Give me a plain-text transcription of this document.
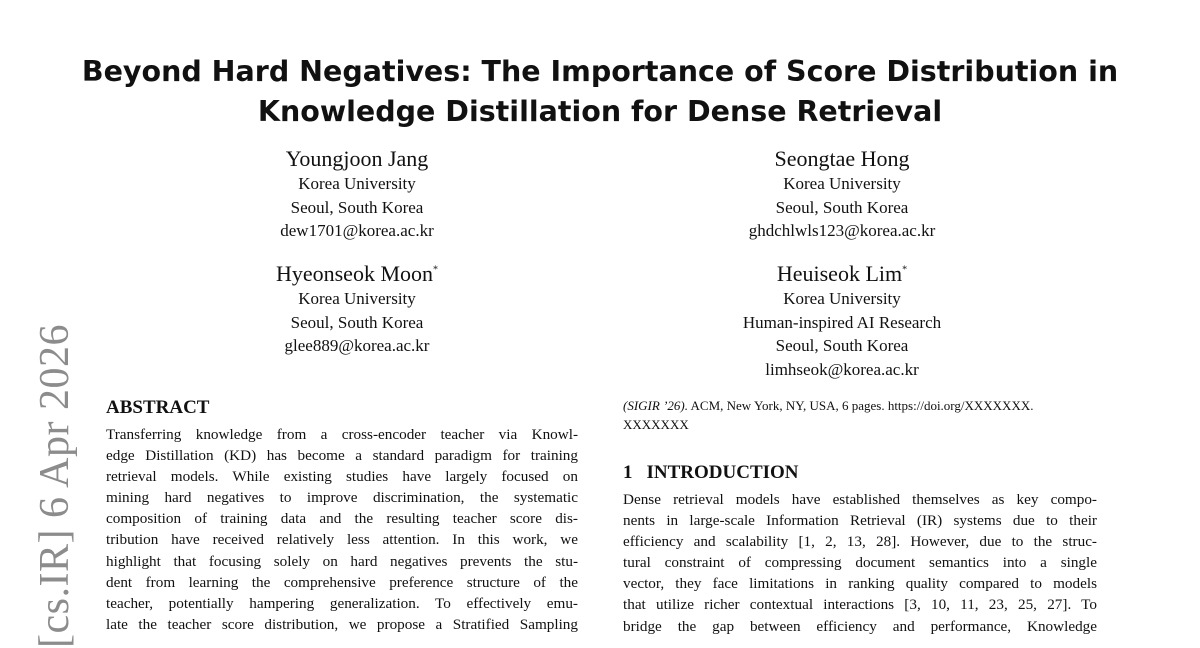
[cs.IR] 6 Apr 2026
Beyond Hard Negatives: The Importance of Score Distribution in
Knowledge Distillation for Dense Retrieval
Youngjoon Jang
Korea University
Seoul, South Korea
dew1701@korea.ac.kr
Seongtae Hong
Korea University
Seoul, South Korea
ghdchlwls123@korea.ac.kr
Hyeonseok Moon*
Korea University
Seoul, South Korea
glee889@korea.ac.kr
Heuiseok Lim*
Korea University
Human-inspired AI Research
Seoul, South Korea
limhseok@korea.ac.kr
ABSTRACT

Transferring knowledge from a cross-encoder teacher via Knowl-
edge Distillation (KD) has become a standard paradigm for training
retrieval models. While existing studies have largely focused on
mining hard negatives to improve discrimination, the systematic
composition of training data and the resulting teacher score dis-
tribution have received relatively less attention. In this work, we
highlight that focusing solely on hard negatives prevents the stu-
dent from learning the comprehensive preference structure of the
teacher, potentially hampering generalization. To effectively emu-
late the teacher score distribution, we propose a Stratified Sampling

(SIGIR ’26). ACM, New York, NY, USA, 6 pages. https://doi.org/XXXXXXX.
XXXXXXX

1 INTRODUCTION

Dense retrieval models have established themselves as key compo-
nents in large-scale Information Retrieval (IR) systems due to their
efficiency and scalability [1, 2, 13, 28]. However, due to the struc-
tural constraint of compressing document semantics into a single
vector, they face limitations in ranking quality compared to models
that utilize richer contextual interactions [3, 10, 11, 23, 25, 27]. To
bridge the gap between efficiency and performance, Knowledge
